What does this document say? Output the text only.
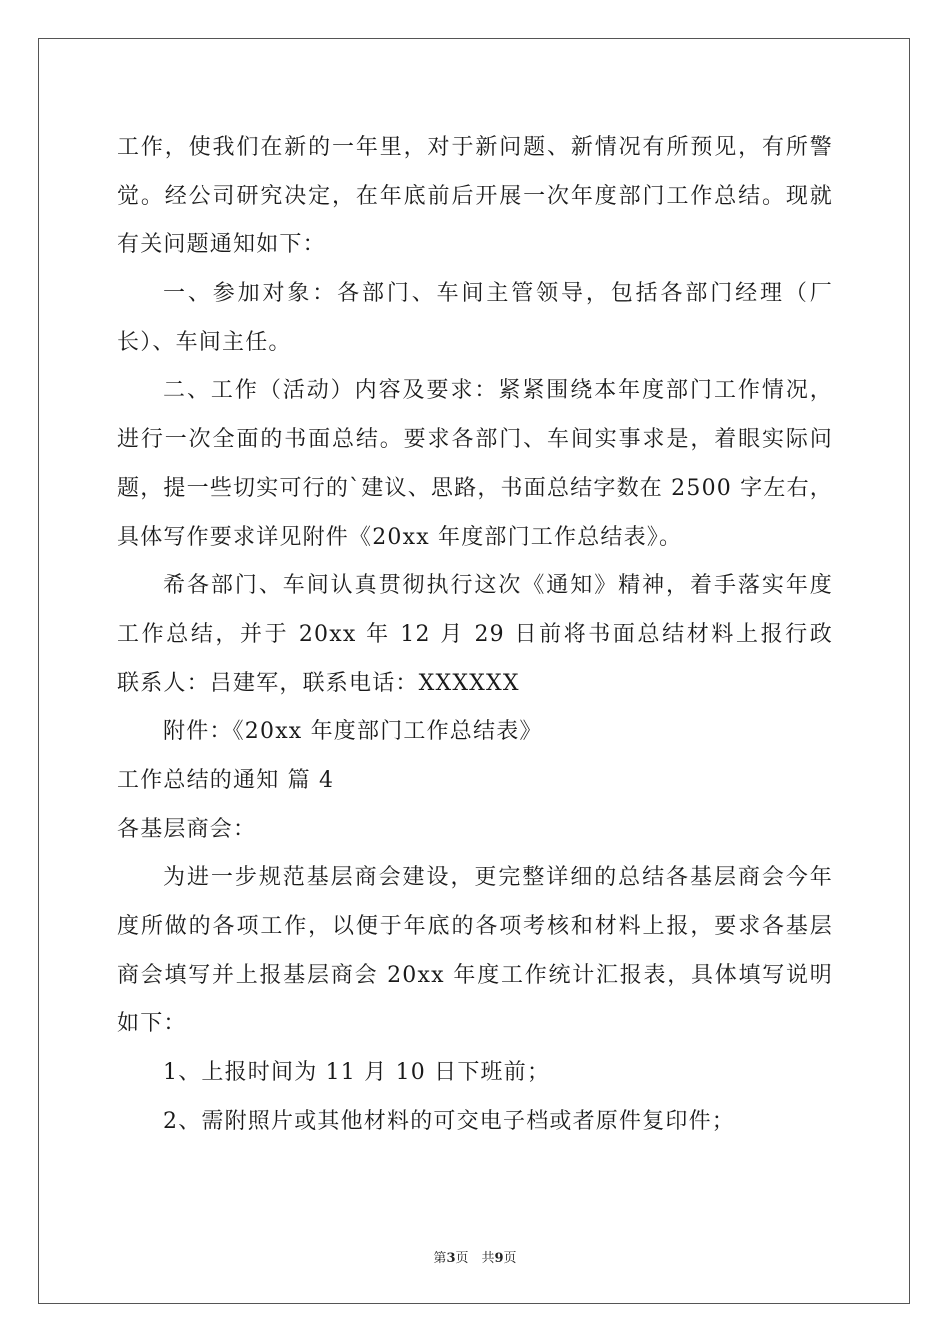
工作，使我们在新的一年里，对于新问题、新情况有所预见，有所警
觉。经公司研究决定，在年底前后开展一次年度部门工作总结。现就
有关问题通知如下：
一、参加对象：各部门、车间主管领导，包括各部门经理（厂
长）、车间主任。
二、工作（活动）内容及要求：紧紧围绕本年度部门工作情况，
进行一次全面的书面总结。要求各部门、车间实事求是，着眼实际问
题，提一些切实可行的`建议、思路，书面总结字数在 2500 字左右，
具体写作要求详见附件《20xx 年度部门工作总结表》。
希各部门、车间认真贯彻执行这次《通知》精神，着手落实年度
工作总结，并于 20xx 年 12 月 29 日前将书面总结材料上报行政
联系人：吕建军，联系电话：XXXXXX
附件：《20xx 年度部门工作总结表》
工作总结的通知 篇 4
各基层商会：
为进一步规范基层商会建设，更完整详细的总结各基层商会今年
度所做的各项工作，以便于年底的各项考核和材料上报，要求各基层
商会填写并上报基层商会 20xx 年度工作统计汇报表，具体填写说明
如下：
1、上报时间为 11 月 10 日下班前；
2、需附照片或其他材料的可交电子档或者原件复印件；
第3页　共9页
